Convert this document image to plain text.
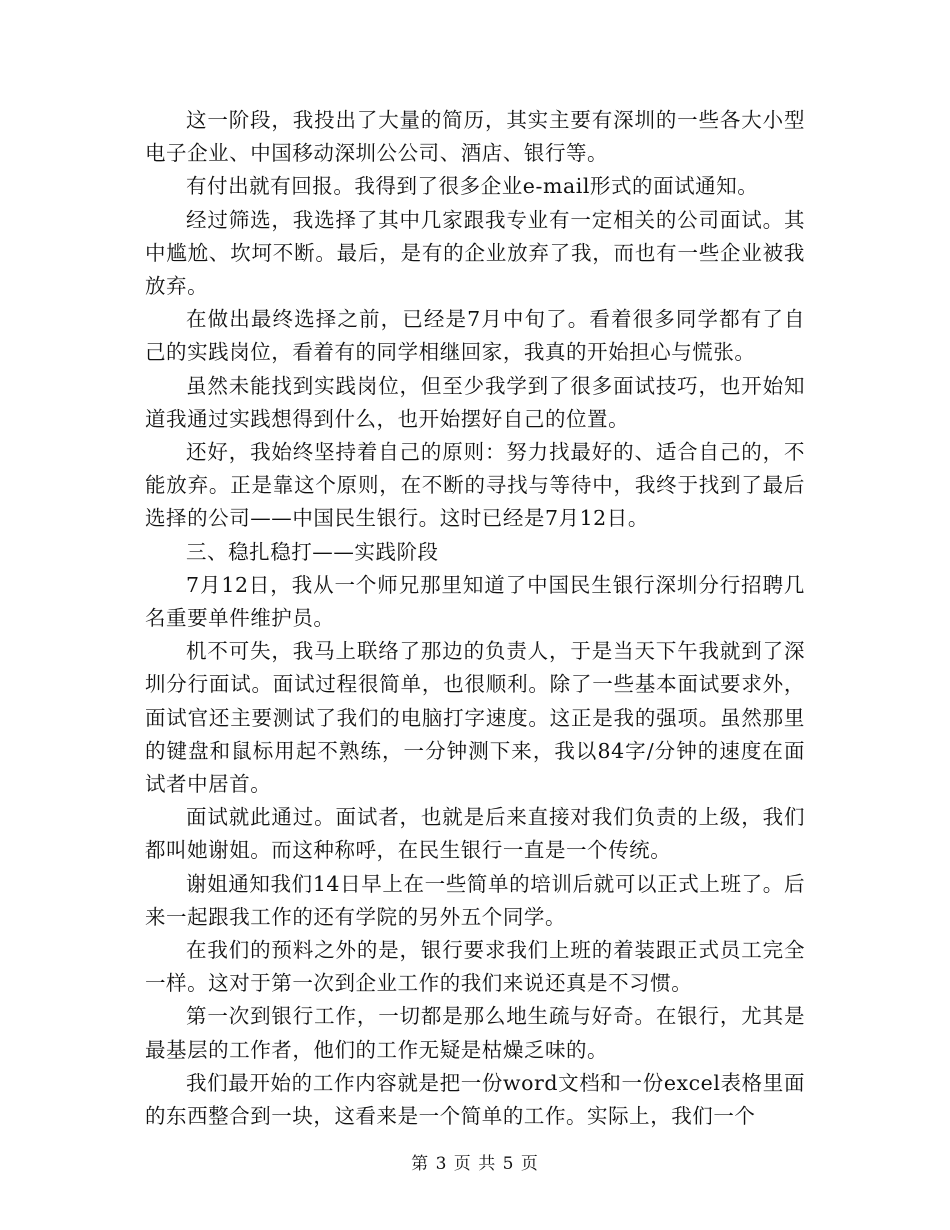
这一阶段，我投出了大量的简历，其实主要有深圳的一些各大小型电子企业、中国移动深圳公公司、酒店、银行等。

有付出就有回报。我得到了很多企业e-mail形式的面试通知。

经过筛选，我选择了其中几家跟我专业有一定相关的公司面试。其中尴尬、坎坷不断。最后，是有的企业放弃了我，而也有一些企业被我放弃。

在做出最终选择之前，已经是7月中旬了。看着很多同学都有了自己的实践岗位，看着有的同学相继回家，我真的开始担心与慌张。

虽然未能找到实践岗位，但至少我学到了很多面试技巧，也开始知道我通过实践想得到什么，也开始摆好自己的位置。

还好，我始终坚持着自己的原则：努力找最好的、适合自己的，不能放弃。正是靠这个原则，在不断的寻找与等待中，我终于找到了最后选择的公司——中国民生银行。这时已经是7月12日。

三、稳扎稳打——实践阶段

7月12日，我从一个师兄那里知道了中国民生银行深圳分行招聘几名重要单件维护员。

机不可失，我马上联络了那边的负责人，于是当天下午我就到了深圳分行面试。面试过程很简单，也很顺利。除了一些基本面试要求外，面试官还主要测试了我们的电脑打字速度。这正是我的强项。虽然那里的键盘和鼠标用起不熟练，一分钟测下来，我以84字/分钟的速度在面试者中居首。

面试就此通过。面试者，也就是后来直接对我们负责的上级，我们都叫她谢姐。而这种称呼，在民生银行一直是一个传统。

谢姐通知我们14日早上在一些简单的培训后就可以正式上班了。后来一起跟我工作的还有学院的另外五个同学。

在我们的预料之外的是，银行要求我们上班的着装跟正式员工完全一样。这对于第一次到企业工作的我们来说还真是不习惯。

第一次到银行工作，一切都是那么地生疏与好奇。在银行，尤其是最基层的工作者，他们的工作无疑是枯燥乏味的。

我们最开始的工作内容就是把一份word文档和一份excel表格里面的东西整合到一块，这看来是一个简单的工作。实际上，我们一个

第 3 页 共 5 页
